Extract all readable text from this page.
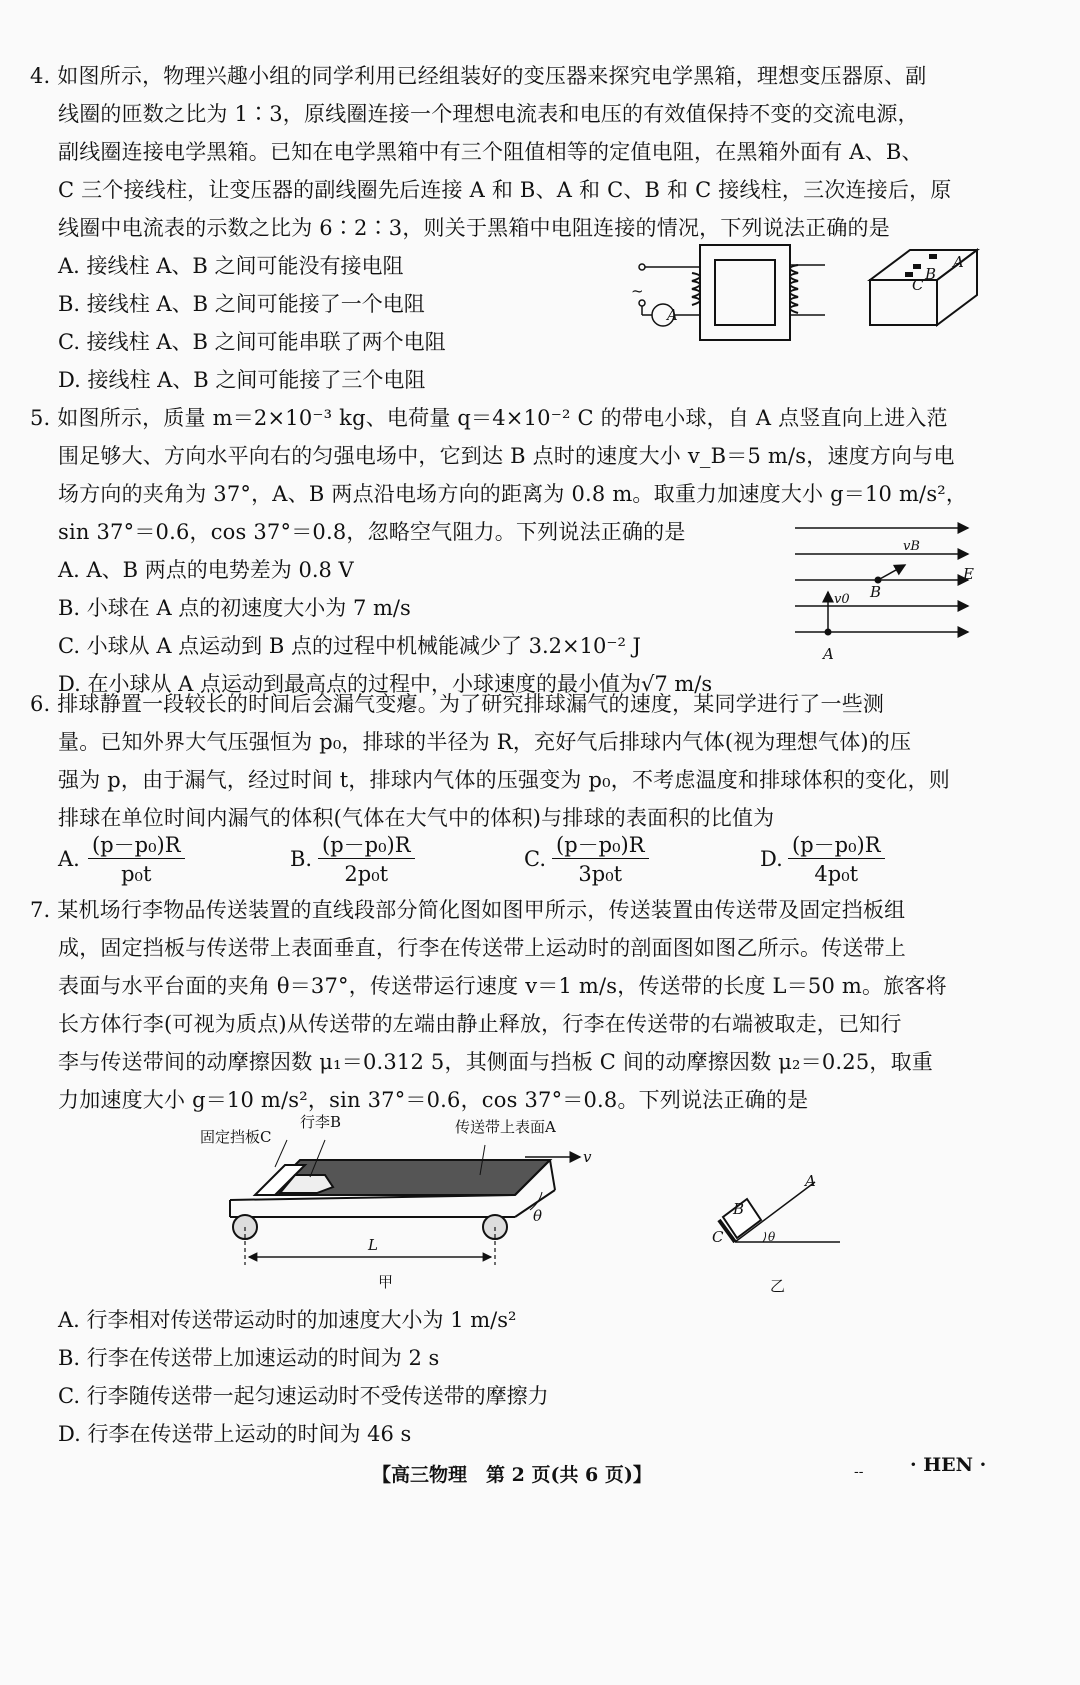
4. 如图所示，物理兴趣小组的同学利用已经组装好的变压器来探究电学黑箱，理想变压器原、副
线圈的匝数之比为 1∶3，原线圈连接一个理想电流表和电压的有效值保持不变的交流电源，
副线圈连接电学黑箱。已知在电学黑箱中有三个阻值相等的定值电阻，在黑箱外面有 A、B、
C 三个接线柱，让变压器的副线圈先后连接 A 和 B、A 和 C、B 和 C 接线柱，三次连接后，原
线圈中电流表的示数之比为 6∶2∶3，则关于黑箱中电阻连接的情况，下列说法正确的是
A. 接线柱 A、B 之间可能没有接电阻
B. 接线柱 A、B 之间可能接了一个电阻
C. 接线柱 A、B 之间可能串联了两个电阻
D. 接线柱 A、B 之间可能接了三个电阻
A
~
A
B
C
5. 如图所示，质量 m＝2×10⁻³ kg、电荷量 q＝4×10⁻² C 的带电小球，自 A 点竖直向上进入范
围足够大、方向水平向右的匀强电场中，它到达 B 点时的速度大小 v_B＝5 m/s，速度方向与电
场方向的夹角为 37°，A、B 两点沿电场方向的距离为 0.8 m。取重力加速度大小 g＝10 m/s²，
sin 37°＝0.6，cos 37°＝0.8，忽略空气阻力。下列说法正确的是
A. A、B 两点的电势差为 0.8 V
B. 小球在 A 点的初速度大小为 7 m/s
C. 小球从 A 点运动到 B 点的过程中机械能减少了 3.2×10⁻² J
D. 在小球从 A 点运动到最高点的过程中，小球速度的最小值为√7 m/s
vB
B
E
v0
A
6. 排球静置一段较长的时间后会漏气变瘪。为了研究排球漏气的速度，某同学进行了一些测
量。已知外界大气压强恒为 p₀，排球的半径为 R，充好气后排球内气体(视为理想气体)的压
强为 p，由于漏气，经过时间 t，排球内气体的压强变为 p₀，不考虑温度和排球体积的变化，则
排球在单位时间内漏气的体积(气体在大气中的体积)与排球的表面积的比值为
A. $\frac{\text{(p－p₀)R}}{\text{p₀t}}$	B. $\frac{\text{(p－p₀)R}}{\text{2p₀t}}$	C. $\frac{\text{(p－p₀)R}}{\text{3p₀t}}$	D. $\frac{\text{(p－p₀)R}}{\text{4p₀t}}$
7. 某机场行李物品传送装置的直线段部分简化图如图甲所示，传送装置由传送带及固定挡板组
成，固定挡板与传送带上表面垂直，行李在传送带上运动时的剖面图如图乙所示。传送带上
表面与水平台面的夹角 θ＝37°，传送带运行速度 v＝1 m/s，传送带的长度 L＝50 m。旅客将
长方体行李(可视为质点)从传送带的左端由静止释放，行李在传送带的右端被取走，已知行
李与传送带间的动摩擦因数 μ₁＝0.312 5，其侧面与挡板 C 间的动摩擦因数 μ₂＝0.25，取重
力加速度大小 g＝10 m/s²，sin 37°＝0.6，cos 37°＝0.8。下列说法正确的是
固定挡板C
行李B	传送带上表面A
v
θ
L
甲
B
A
C	θ
乙
A. 行李相对传送带运动时的加速度大小为 1 m/s²
B. 行李在传送带上加速运动的时间为 2 s
C. 行李随传送带一起匀速运动时不受传送带的摩擦力
D. 行李在传送带上运动的时间为 46 s
【高三物理　第 2 页(共 6 页)】	-- · HEN ·
